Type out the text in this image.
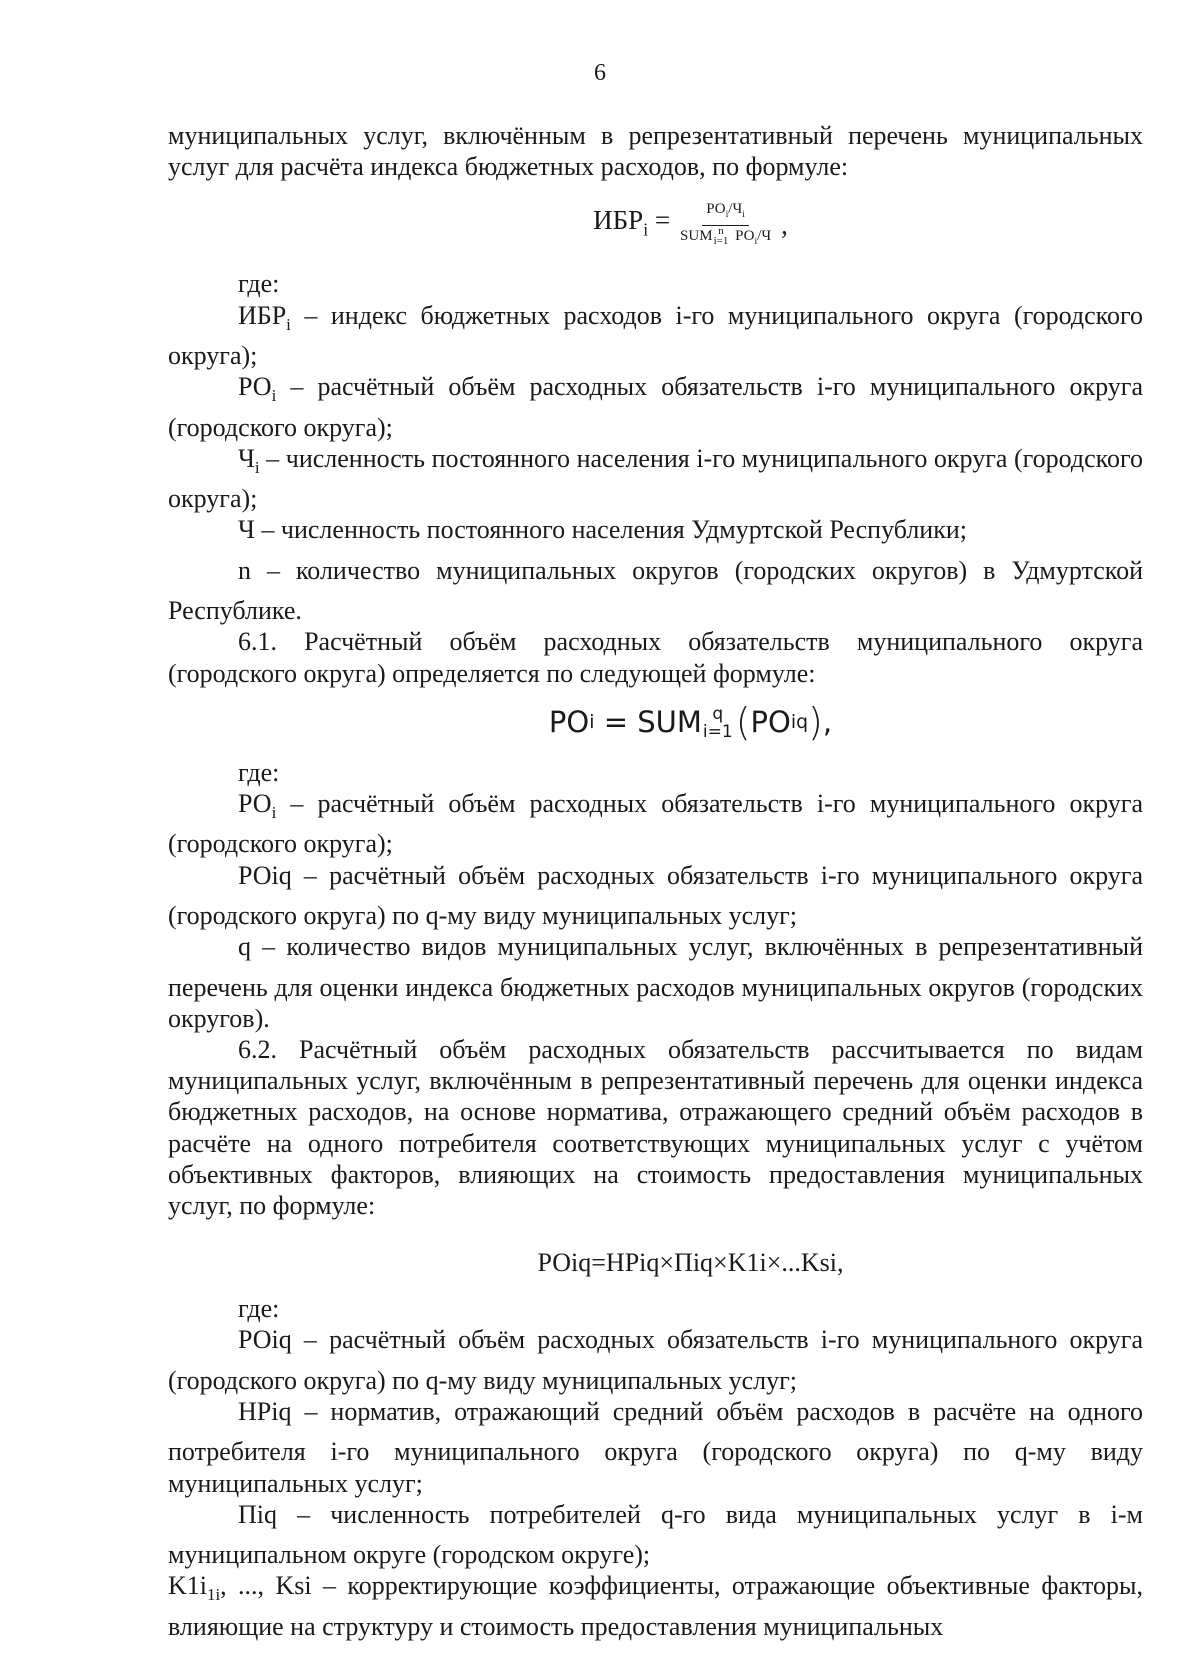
6

муниципальных услуг, включённым в репрезентативный перечень муниципальных услуг для расчёта индекса бюджетных расходов, по формуле:

$ИБР_i = РО_i/Ч_i$
SUM n
i=1 $РО_i/Ч$ ,

где:

$ИБР_i$ – индекс бюджетных расходов i-го муниципального округа (городского округа);

$РО_i$ – расчётный объём расходных обязательств i-го муниципального округа (городского округа);

$Ч_i$ – численность постоянного населения i-го муниципального округа (городского округа);

Ч – численность постоянного населения Удмуртской Республики;

n – количество муниципальных округов (городских округов) в Удмуртской Республике.

6.1. Расчётный объём расходных обязательств муниципального округа (городского округа) определяется по следующей формуле:

РО i = SUM q
i=1 ( РО iq ) ,

где:

$РО_i$ – расчётный объём расходных обязательств i-го муниципального округа (городского округа);

РОiq – расчётный объём расходных обязательств i-го муниципального округа (городского округа) по q-му виду муниципальных услуг;

q – количество видов муниципальных услуг, включённых в репрезентативный перечень для оценки индекса бюджетных расходов муниципальных округов (городских округов).

6.2. Расчётный объём расходных обязательств рассчитывается по видам муниципальных услуг, включённым в репрезентативный перечень для оценки индекса бюджетных расходов, на основе норматива, отражающего средний объём расходов в расчёте на одного потребителя соответствующих муниципальных услуг с учётом объективных факторов, влияющих на стоимость предоставления муниципальных услуг, по формуле:

РОiq=НРiq×Пiq×K1i×...Ksi,

где:

РОiq – расчётный объём расходных обязательств i-го муниципального округа (городского округа) по q-му виду муниципальных услуг;

НРiq – норматив, отражающий средний объём расходов в расчёте на одного потребителя i-го муниципального округа (городского округа) по q-му виду муниципальных услуг;

Пiq – численность потребителей q-го вида муниципальных услуг в i-м муниципальном округе (городском округе);

$K1i_{1i}$, ..., Ksi – корректирующие коэффициенты, отражающие объективные факторы, влияющие на структуру и стоимость предоставления муниципальных
